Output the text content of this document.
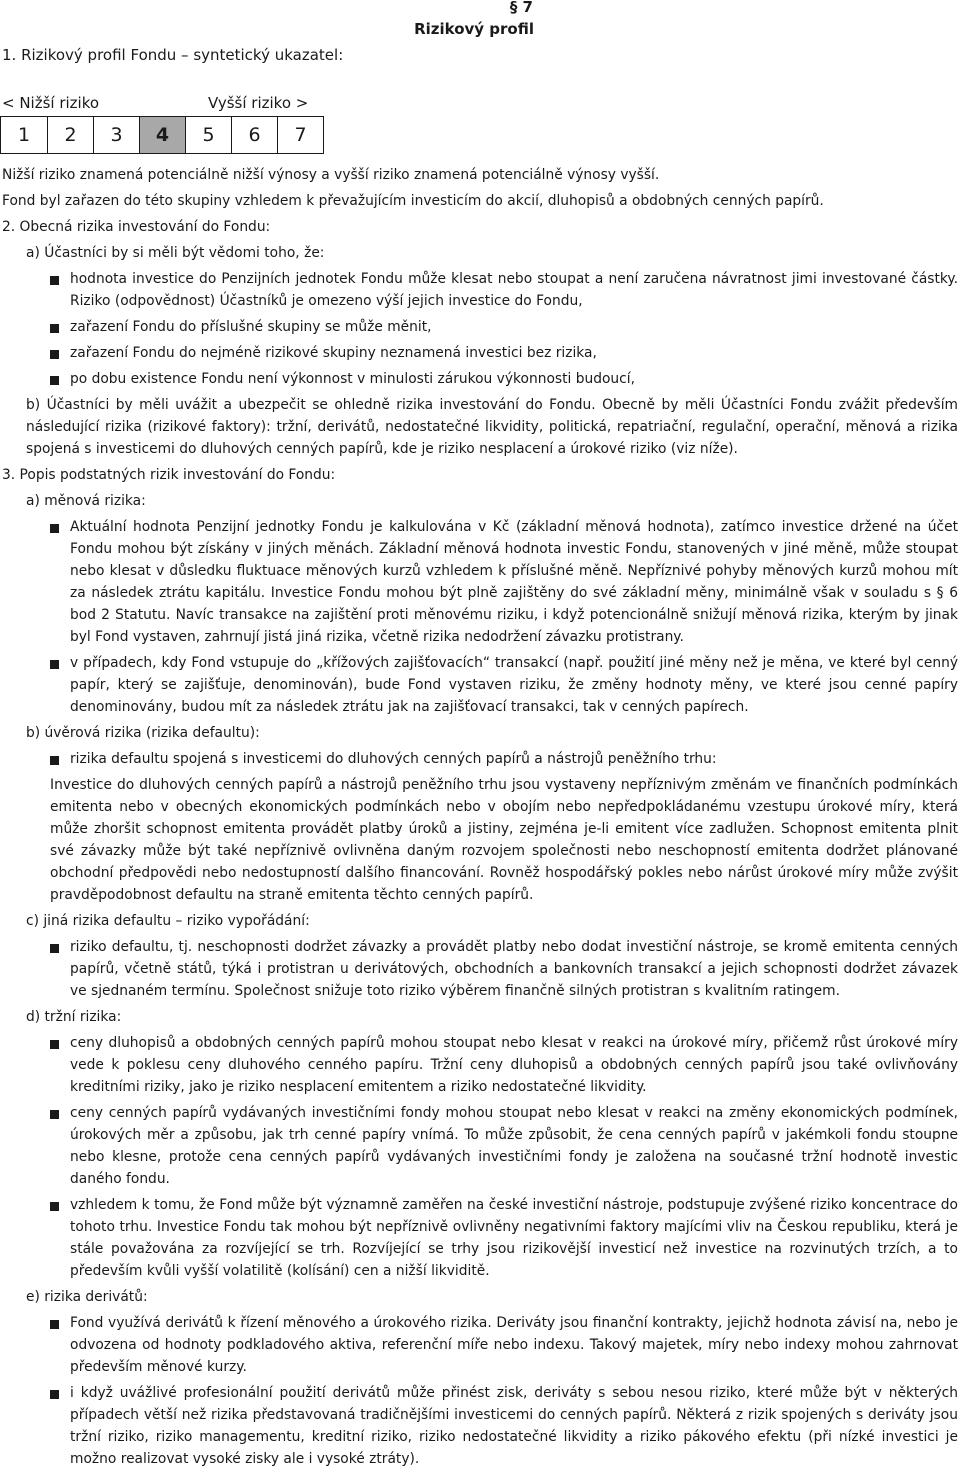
§ 7
Rizikový profil
1. Rizikový profil Fondu – syntetický ukazatel:
< Nižší riziko	Vyšší riziko >
1	2	3	4	5	6	7

Nižší riziko znamená potenciálně nižší výnosy a vyšší riziko znamená potenciálně výnosy vyšší.

Fond byl zařazen do této skupiny vzhledem k převažujícím investicím do akcií, dluhopisů a obdobných cenných papírů.

2. Obecná rizika investování do Fondu:

a) Účastníci by si měli být vědomi toho, že:

hodnota investice do Penzijních jednotek Fondu může klesat nebo stoupat a není zaručena návratnost jimi investované částky. Riziko (odpovědnost) Účastníků je omezeno výší jejich investice do Fondu,
zařazení Fondu do příslušné skupiny se může měnit,
zařazení Fondu do nejméně rizikové skupiny neznamená investici bez rizika,
po dobu existence Fondu není výkonnost v minulosti zárukou výkonnosti budoucí,

b) Účastníci by měli uvážit a ubezpečit se ohledně rizika investování do Fondu. Obecně by měli Účastníci Fondu zvážit především následující rizika (rizikové faktory): tržní, derivátů, nedostatečné likvidity, politická, repatriační, regulační, operační, měnová a rizika spojená s investicemi do dluhových cenných papírů, kde je riziko nesplacení a úrokové riziko (viz níže).

3. Popis podstatných rizik investování do Fondu:

a) měnová rizika:

Aktuální hodnota Penzijní jednotky Fondu je kalkulována v Kč (základní měnová hodnota), zatímco investice držené na účet Fondu mohou být získány v jiných měnách. Základní měnová hodnota investic Fondu, stanovených v jiné měně, může stoupat nebo klesat v důsledku fluktuace měnových kurzů vzhledem k příslušné měně. Nepříznivé pohyby měnových kurzů mohou mít za následek ztrátu kapitálu. Investice Fondu mohou být plně zajištěny do své základní měny, minimálně však v souladu s § 6 bod 2 Statutu. Navíc transakce na zajištění proti měnovému riziku, i když potencionálně snižují měnová rizika, kterým by jinak byl Fond vystaven, zahrnují jistá jiná rizika, včetně rizika nedodržení závazku protistrany.
v případech, kdy Fond vstupuje do „křížových zajišťovacích“ transakcí (např. použití jiné měny než je měna, ve které byl cenný papír, který se zajišťuje, denominován), bude Fond vystaven riziku, že změny hodnoty měny, ve které jsou cenné papíry denominovány, budou mít za následek ztrátu jak na zajišťovací transakci, tak v cenných papírech.

b) úvěrová rizika (rizika defaultu):

rizika defaultu spojená s investicemi do dluhových cenných papírů a nástrojů peněžního trhu:

Investice do dluhových cenných papírů a nástrojů peněžního trhu jsou vystaveny nepříznivým změnám ve finančních podmínkách emitenta nebo v obecných ekonomických podmínkách nebo v obojím nebo nepředpokládanému vzestupu úrokové míry, která může zhoršit schopnost emitenta provádět platby úroků a jistiny, zejména je-li emitent více zadlužen. Schopnost emitenta plnit své závazky může být také nepříznivě ovlivněna daným rozvojem společnosti nebo neschopností emitenta dodržet plánované obchodní předpovědi nebo nedostupností dalšího financování. Rovněž hospodářský pokles nebo nárůst úrokové míry může zvýšit pravděpodobnost defaultu na straně emitenta těchto cenných papírů.

c) jiná rizika defaultu – riziko vypořádání:

riziko defaultu, tj. neschopnosti dodržet závazky a provádět platby nebo dodat investiční nástroje, se kromě emitenta cenných papírů, včetně států, týká i protistran u derivátových, obchodních a bankovních transakcí a jejich schopnosti dodržet závazek ve sjednaném termínu. Společnost snižuje toto riziko výběrem finančně silných protistran s kvalitním ratingem.

d) tržní rizika:

ceny dluhopisů a obdobných cenných papírů mohou stoupat nebo klesat v reakci na úrokové míry, přičemž růst úrokové míry vede k poklesu ceny dluhového cenného papíru. Tržní ceny dluhopisů a obdobných cenných papírů jsou také ovlivňovány kreditními riziky, jako je riziko nesplacení emitentem a riziko nedostatečné likvidity.
ceny cenných papírů vydávaných investičními fondy mohou stoupat nebo klesat v reakci na změny ekonomických podmínek, úrokových měr a způsobu, jak trh cenné papíry vnímá. To může způsobit, že cena cenných papírů v jakémkoli fondu stoupne nebo klesne, protože cena cenných papírů vydávaných investičními fondy je založena na současné tržní hodnotě investic daného fondu.
vzhledem k tomu, že Fond může být významně zaměřen na české investiční nástroje, podstupuje zvýšené riziko koncentrace do tohoto trhu. Investice Fondu tak mohou být nepříznivě ovlivněny negativními faktory majícími vliv na Českou republiku, která je stále považována za rozvíjející se trh. Rozvíjející se trhy jsou rizikovější investicí než investice na rozvinutých trzích, a to především kvůli vyšší volatilitě (kolísání) cen a nižší likviditě.

e) rizika derivátů:

Fond využívá derivátů k řízení měnového a úrokového rizika. Deriváty jsou finanční kontrakty, jejichž hodnota závisí na, nebo je odvozena od hodnoty podkladového aktiva, referenční míře nebo indexu. Takový majetek, míry nebo indexy mohou zahrnovat především měnové kurzy.
i když uvážlivé profesionální použití derivátů může přinést zisk, deriváty s sebou nesou riziko, které může být v některých případech větší než rizika představovaná tradičnějšími investicemi do cenných papírů. Některá z rizik spojených s deriváty jsou tržní riziko, riziko managementu, kreditní riziko, riziko nedostatečné likvidity a riziko pákového efektu (při nízké investici je možno realizovat vysoké zisky ale i vysoké ztráty).
